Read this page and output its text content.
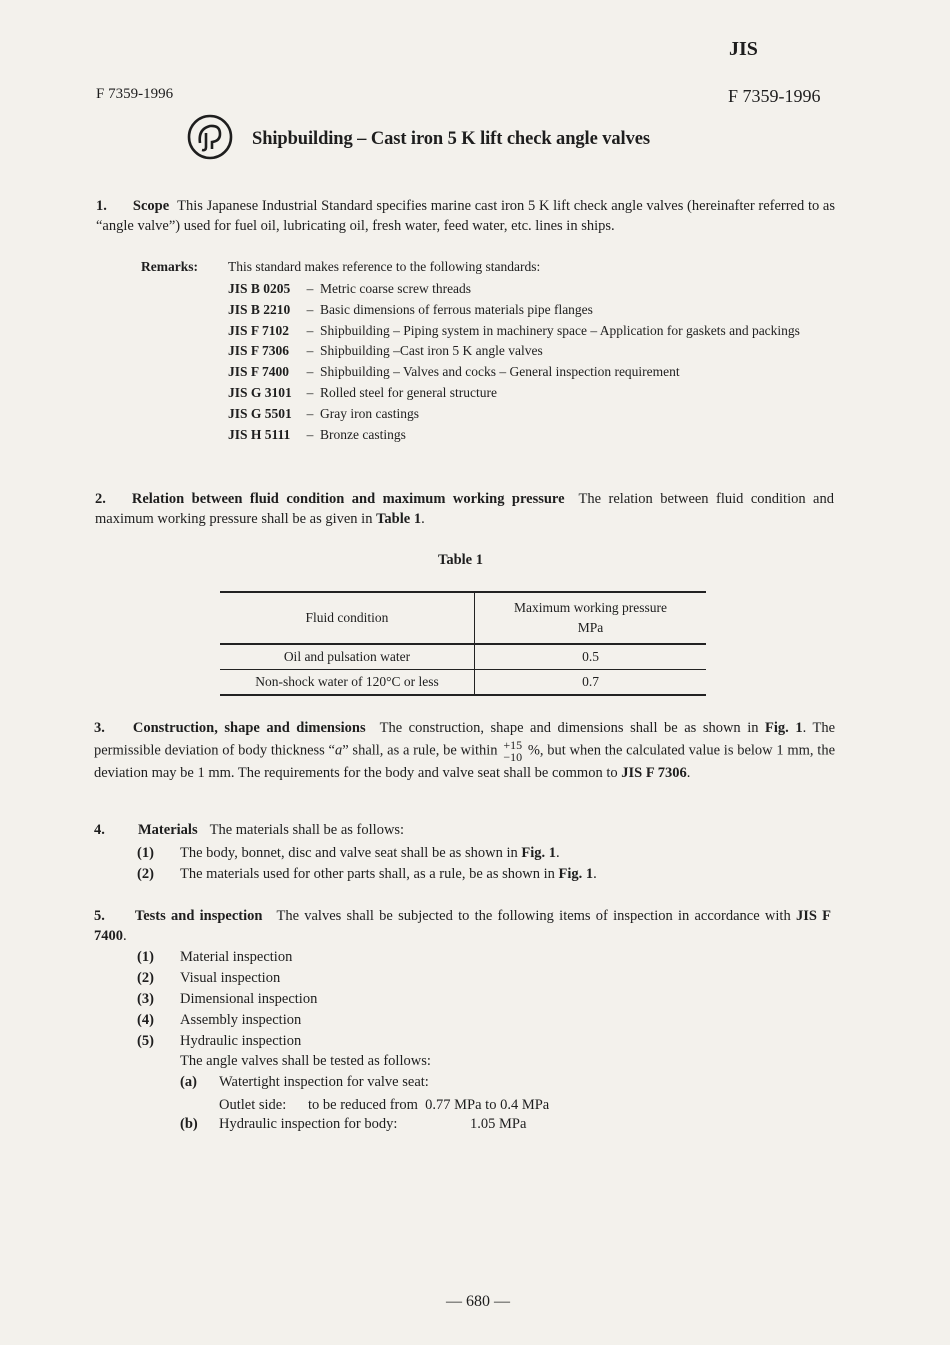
JIS
F 7359-1996	F 7359-1996
Shipbuilding – Cast iron 5 K lift check angle valves
1. Scope This Japanese Industrial Standard specifies marine cast iron 5 K lift check angle valves (hereinafter referred to as “angle valve”) used for fuel oil, lubricating oil, fresh water, feed water, etc. lines in ships.
Remarks: This standard makes reference to the following standards:
JIS B 0205	– Metric coarse screw threads
JIS B 2210	– Basic dimensions of ferrous materials pipe flanges
JIS F 7102	– Shipbuilding – Piping system in machinery space – Application for gaskets and packings
JIS F 7306	– Shipbuilding –Cast iron 5 K angle valves
JIS F 7400	– Shipbuilding – Valves and cocks – General inspection requirement
JIS G 3101	– Rolled steel for general structure
JIS G 5501	– Gray iron castings
JIS H 5111	– Bronze castings
2. Relation between fluid condition and maximum working pressure The relation between fluid condition and maximum working pressure shall be as given in Table 1.
Table 1
Fluid condition	Maximum working pressure
MPa
Oil and pulsation water	0.5
Non-shock water of 120°C or less	0.7
3. Construction, shape and dimensions The construction, shape and dimensions shall be as shown in Fig. 1. The permissible deviation of body thickness “a” shall, as a rule, be within +15
−10 %, but when the calculated value is below 1 mm, the deviation may be 1 mm. The requirements for the body and valve seat shall be common to JIS F 7306.
4.	Materials The materials shall be as follows:
(1)	The body, bonnet, disc and valve seat shall be as shown in Fig. 1.
(2)	The materials used for other parts shall, as a rule, be as shown in Fig. 1.
5. Tests and inspection The valves shall be subjected to the following items of inspection in accordance with JIS F 7400.
(1)	Material inspection
(2)	Visual inspection
(3)	Dimensional inspection
(4)	Assembly inspection
(5)	Hydraulic inspection
The angle valves shall be tested as follows:
(a)	Watertight inspection for valve seat:
Outlet side:	to be reduced from  0.77 MPa to 0.4 MPa
(b)	Hydraulic inspection for body:	1.05 MPa
— 680 —
